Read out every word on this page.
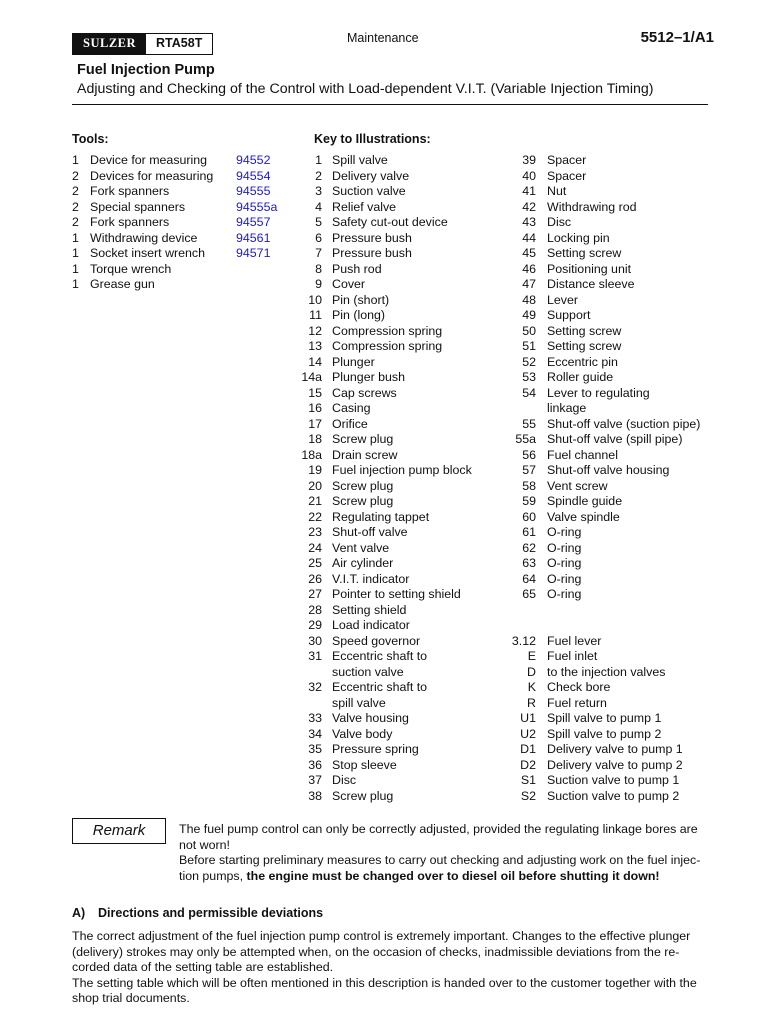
SULZER	RTA58T	Maintenance	5512–1/A1
Fuel Injection Pump
Adjusting and Checking of the Control with Load-dependent V.I.T. (Variable Injection Timing)
Tools:	Key to Illustrations:
1 Device for measuring	94552
2 Devices for measuring	94554
2 Fork spanners	94555
2 Special spanners	94555a
2 Fork spanners	94557
1 Withdrawing device	94561
1 Socket insert wrench	94571
1 Torque wrench
1 Grease gun
1 Spill valve
2 Delivery valve
3 Suction valve
4 Relief valve
5 Safety cut-out device
6 Pressure bush
7 Pressure bush
8 Push rod
9 Cover
10 Pin (short)
11 Pin (long)
12 Compression spring
13 Compression spring
14 Plunger
14a Plunger bush
15 Cap screws
16 Casing
17 Orifice
18 Screw plug
18a Drain screw
19 Fuel injection pump block
20 Screw plug
21 Screw plug
22 Regulating tappet
23 Shut-off valve
24 Vent valve
25 Air cylinder
26 V.I.T. indicator
27 Pointer to setting shield
28 Setting shield
29 Load indicator
30 Speed governor
31 Eccentric shaft to
suction valve
32 Eccentric shaft to
spill valve
33 Valve housing
34 Valve body
35 Pressure spring
36 Stop sleeve
37 Disc
38 Screw plug
39 Spacer
40 Spacer
41 Nut
42 Withdrawing rod
43 Disc
44 Locking pin
45 Setting screw
46 Positioning unit
47 Distance sleeve
48 Lever
49 Support
50 Setting screw
51 Setting screw
52 Eccentric pin
53 Roller guide
54 Lever to regulating
linkage
55 Shut-off valve (suction pipe)
55a Shut-off valve (spill pipe)
56 Fuel channel
57 Shut-off valve housing
58 Vent screw
59 Spindle guide
60 Valve spindle
61 O-ring
62 O-ring
63 O-ring
64 O-ring
65 O-ring
3.12 Fuel lever
E Fuel inlet
D to the injection valves
K Check bore
R Fuel return
U1 Spill valve to pump 1
U2 Spill valve to pump 2
D1 Delivery valve to pump 1
D2 Delivery valve to pump 2
S1 Suction valve to pump 1
S2 Suction valve to pump 2
Remark	The fuel pump control can only be correctly adjusted, provided the regulating linkage bores are not worn!

Before starting preliminary measures to carry out checking and adjusting work on the fuel injec- tion pumps, the engine must be changed over to diesel oil before shutting it down!

A) Directions and permissible deviations

The correct adjustment of the fuel injection pump control is extremely important. Changes to the effective plunger (delivery) strokes may only be attempted when, on the occasion of checks, inadmissible deviations from the re- corded data of the setting table are established.

The setting table which will be often mentioned in this description is handed over to the customer together with the shop trial documents.
